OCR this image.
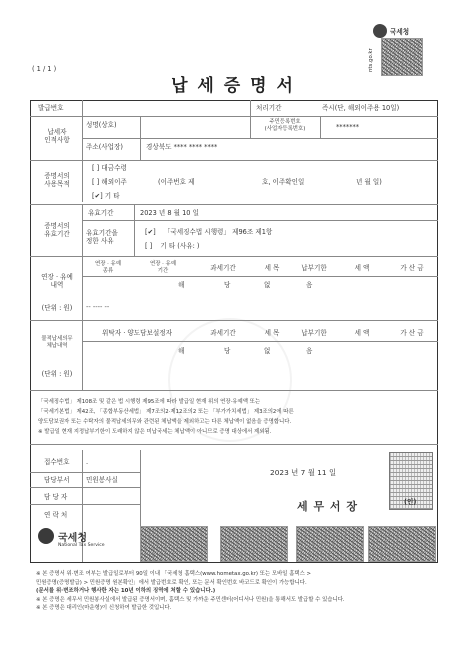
( 1 / 1 )
국세청
nts.go.kr
납 세 증 명 서
발급번호	처리기간	즉시(단, 해외이주용 10일)
납세자
인적사항
성명(상호)	주민등록번호
(사업자등록번호)	*******
주소(사업장)	경상북도 **** **** ****
증명서의
사용목적
[ ] 대금수령
[ ] 해외이주	(이주번호 제	호, 이주확인일	년 월 일)
[✔] 기 타
증명서의
유효기간
유효기간	2023 년 8 월 10 일
유효기간을
정한 사유
[✔] 「국세징수법 시행령」 제96조 제1항
[ ] 기 타 (사유: )
연장 · 유예
내역
(단위 : 원)
연장 · 유예
종류
연장 · 유예
기간	과세기간	세 목	납부기한	세 액	가 산 금
해	당	없	음
-- ---- --
물적납세의무
체납내역
(단위 : 원)
위탁자 · 양도담보설정자	과세기간	세 목	납부기한	세 액	가 산 금
해	당	없	음
「국세징수법」 제108조 및 같은 법 시행령 제95조에 따라 발급일 현재 위의 연장·유예액 또는
「국세기본법」 제42조, 「종합부동산세법」 제7조의2·제12조의2 또는 「부가가치세법」 제3조의2에 따른
양도담보권자 또는 수탁자의 물적납세의무와 관련된 체납액을 제외하고는 다른 체납액이 없음을 증명합니다.
※ 발급일 현재 지정납부기한이 도래하지 않은 미납국세는 체납액이 아니므로 증명 대상에서 제외됨.
접수번호	.
담당부서	민원봉사실
담 당 자
연 락 처
2023 년 7 월 11 일
세 무 서 장	(인)
국세청
National Tax Service
※ 본 증명서 위·변조 여부는 발급일로부터 90일 이내 「국세청 홈택스(www.hometax.go.kr) 또는 모바일 홈택스 >
민원증명(증명발급) > 민원증명 원본확인」에서 발급번호로 확인, 또는 문서 확인번호 바코드로 확인이 가능합니다.
(문서를 위·변조하거나 행사한 자는 10년 이하의 징역에 처할 수 있습니다.)
※ 본 증명은 세무서 민원봉사실에서 발급된 증명서이며, 홈택스 및 가까운 주민센터(어디서나 민원)을 통해서도 발급할 수 있습니다.
※ 본 증명은 대리인(마운형)이 신청하여 발급한 것입니다.
